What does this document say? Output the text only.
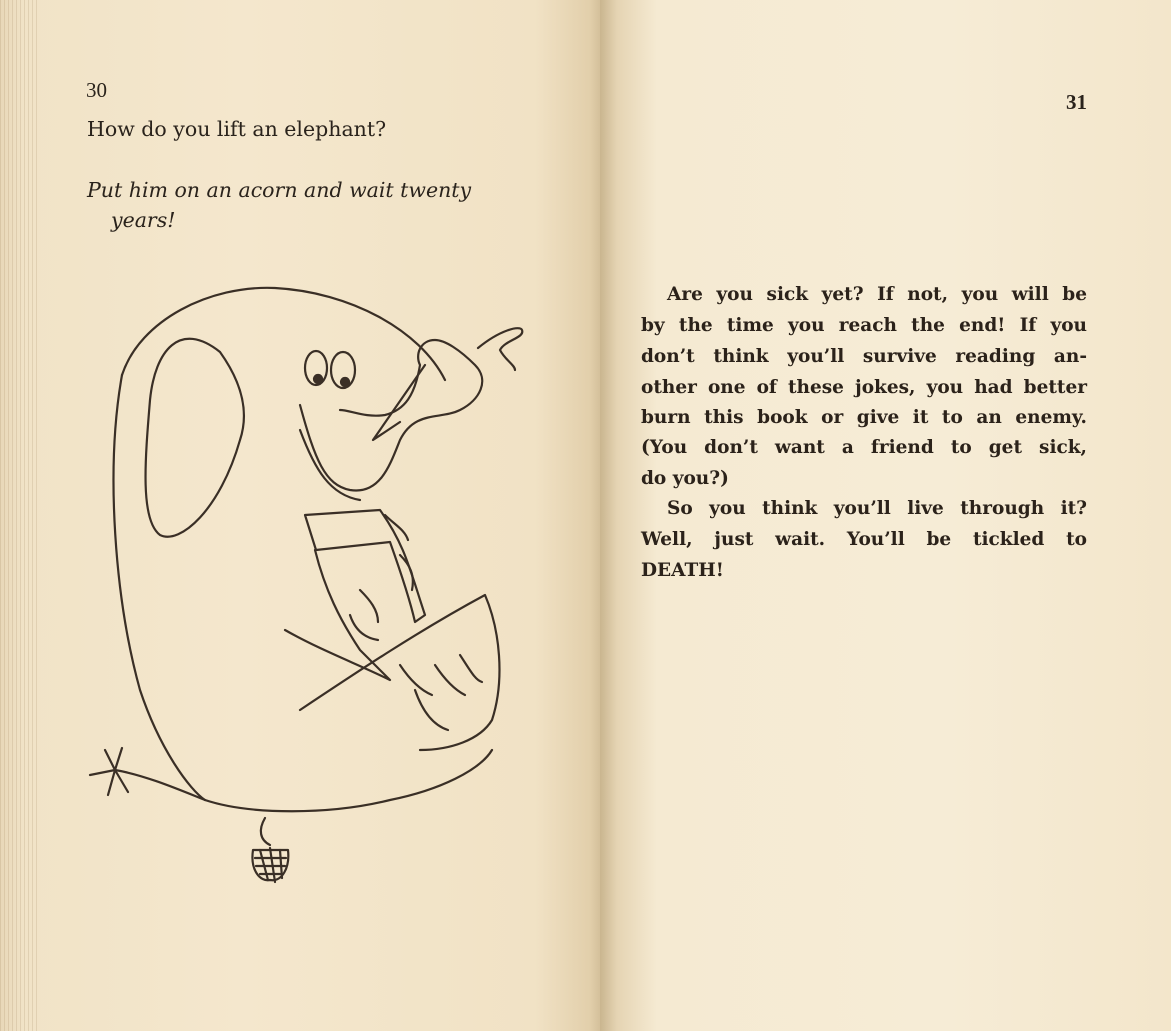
30

How do you lift an elephant?

Put him on an acorn and wait twenty

years!

31

Are you sick yet? If not, you will be

by the time you reach the end! If you

don’t think you’ll survive reading an-

other one of these jokes, you had better

burn this book or give it to an enemy.

(You don’t want a friend to get sick,

do you?)

So you think you’ll live through it?

Well, just wait. You’ll be tickled to

DEATH!
